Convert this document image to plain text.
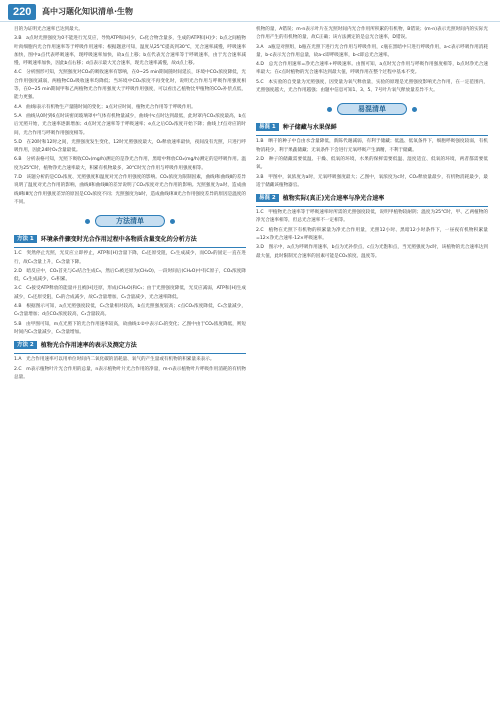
220	高中习题化知识清单·生物

目的为证明光合速率已达到最大。

3.B　a点时光照强度为0不能进行光反应，导致ATP和[H]少，C₃化合物含量多，生成的ATP和[H]少；b点之间植物叶肉细胞内光合作用速率等于呼吸作用速率；根据题意可知，温度从25℃提高到30℃，光合速率减慢，呼吸速率加快，图中a点代表呼吸速率，现呼吸速率加快，故a点上移；b点代表光合速率等于呼吸速率，由于光合速率减慢，呼吸速率加快，因此b点右移；d点表示最大光合速率，现光合速率减慢，故d点上移。

4.C　分析图形可知，光照强度对CO₂的吸收速率有影响，在0~25 min期间随时间延长，环境中CO₂浓度降低，光合作用强度减弱，两植物CO₂吸收速率均降低；当环境中CO₂浓度不再变化时，说明光合作用与呼吸作用强度相等，在0~25 min期间甲和乙两植物光合作用强度大于呼吸作用强度，可以看出乙植物比甲植物的CO₂补偿点低，能力更强。

4.A　曲线I表示有机物生产量随时间的变化；a点对应时间，植物光合作用等于呼吸作用。

5.A　曲线从0时到6点时该密闭玻璃罩中气体有机物量减少，曲线中c点时达到最低，此时罩内CO₂浓度最高，b点后光照开始，光合速率逐渐增加；d点时光合速率等于呼吸速率；e点之后CO₂浓度开始下降；曲线上f点对应的时间，光合作用与呼吸作用强度相等。

5.D　在20时和12时之间，光照强度发生变化，12时光照强度最大，O₂释放速率最快，夜间没有光照，只进行呼吸作用，因此24时O₂含量最低。

6.B　分析表格可知，光照下吸收CO₂(mg/h)测定的是净光合作用，黑暗中释放CO₂(mg/h)测定的是呼吸作用。温度为25℃时，植物净光合速率最大，积累有机物最多，30℃时光合作用与呼吸作用强度相等。

7.D　该题分析的是CO₂浓度、光照强度和温度对光合作用强度的影响。CO₂浓度为限制因素，曲线Ⅰ和曲线Ⅱ的差异说明了温度对光合作用的影响，曲线Ⅱ和曲线Ⅲ的差异说明了CO₂浓度对光合作用的影响。光照强度为a时，造成曲线Ⅱ和Ⅲ光合作用强度差异的原因是CO₂浓度不同；光照强度为b时，造成曲线Ⅰ和Ⅱ光合作用强度差异的原因是温度的不同。

方法清单
方法 1	环境条件骤变时光合作用过程中各物质含量变化的分析方法

1.C　突然停止光照，光反应立即停止，ATP和[H]含量下降，C₃还原受阻，C₃生成减少，而CO₂的固定一直在进行，故C₃含量上升，C₅含量下降。

2.D　暗反应中，CO₂首先与C₅结合生成C₃，然后C₃被还原为(CH₂O)，一段时间后(CH₂O)中有C原子，CO₂浓度降低，C₃生成减少，C₅积累。

3.C　C₃接受ATP释放的能量并且被[H]还原，形成(CH₂O)和C₅；由于光照强度降低，光反应减弱，ATP和[H]生成减少，C₃还原受阻，C₅的合成减少，故C₃含量增加，C₅含量减少，光合速率降低。

4.B　根据图示可知，a点光照强度较低，C₃含量相对较高，b点光照强度较高；c点CO₂浓度降低，C₃含量减少，C₅含量增加；d点CO₂浓度较高，C₃含量较高。

5.B　由甲图可知，m点光照下的光合作用速率较高，故曲线①②中表示C₃的变化；乙图中由于CO₂浓度降低，则短时间内C₃含量减少，C₅含量增加。

方法 2	植物光合作用速率的表示及测定方法

1.A　光合作用速率可以用单位时间内二氧化碳的消耗量、氧气的产生量或有机物的积累量来表示。

2.C　m表示植物叶片光合作用的总量，n表示植物叶片光合作用的净量，m-n表示植物叶片呼吸作用消耗的有机物总量。

机物的量，A错误；m-n表示叶片在光照时间内光合作用所积累的有机物，B错误；(m-n)表示光照时间内的实际光合作用产生的有机物的量，故C正确；该方法测定的是总光合速率，D错误。

3.A　a瓶是对照组，b瓶在光照下进行光合作用与呼吸作用，c瓶在黑暗中只进行呼吸作用，a-c表示呼吸作用消耗量，b-c表示光合作用总量，故a-c即呼吸速率，b-c即总光合速率。

4.D　总光合作用速率=净光合速率+呼吸速率。由图可知，a点时光合作用与呼吸作用强度相等，b点时净光合速率最大；在c点时植物的光合速率达到最大值，呼吸作用在整个过程中基本不变。

5.C　本实验的自变量为光照强度，因变量为氧气释放量，实验的原理是光照强度影响光合作用，在一定范围内，光照强度越大，光合作用越强；由题中信息可知1、3、5、7号叶片氧气释放量差异不大。

易混清单
易混 1	种子储藏与水果保鲜

1.B　晒干的种子中自由水含量降低，新陈代谢减弱，有利于储藏；低温、低氧条件下，细胞呼吸强度较弱，有机物消耗少，利于果蔬储藏；无氧条件下会进行无氧呼吸产生酒精，不利于储藏。

2.D　种子的储藏需要低温、干燥、低氧的环境，水果的保鲜需要低温、湿度适宜、低氧的环境，两者都需要低氧。

3.B　甲图中，氧浓度为a时，无氧呼吸强度最大；乙图中，氧浓度为c时，CO₂释放量最少，有机物消耗最少，最适于储藏该植物器官。

易混 2	植物实际(真正)光合速率与净光合速率

1.C　甲植物光合速率等于呼吸速率时所需的光照强度较低，说明甲植物较耐阴；温度为25℃时，甲、乙两植物的净光合速率相等，但总光合速率不一定相等。

2.C　植物在光照下有机物的积累量为净光合作用量，光照12小时、黑暗12小时条件下，一昼夜有机物积累量=12×净光合速率-12×呼吸速率。

3.D　图示中，a点为呼吸作用速率，b点为光补偿点，c点为光饱和点，当光照强度为c时，该植物的光合速率达到最大值，此时限制光合速率的因素可能是CO₂浓度、温度等。
